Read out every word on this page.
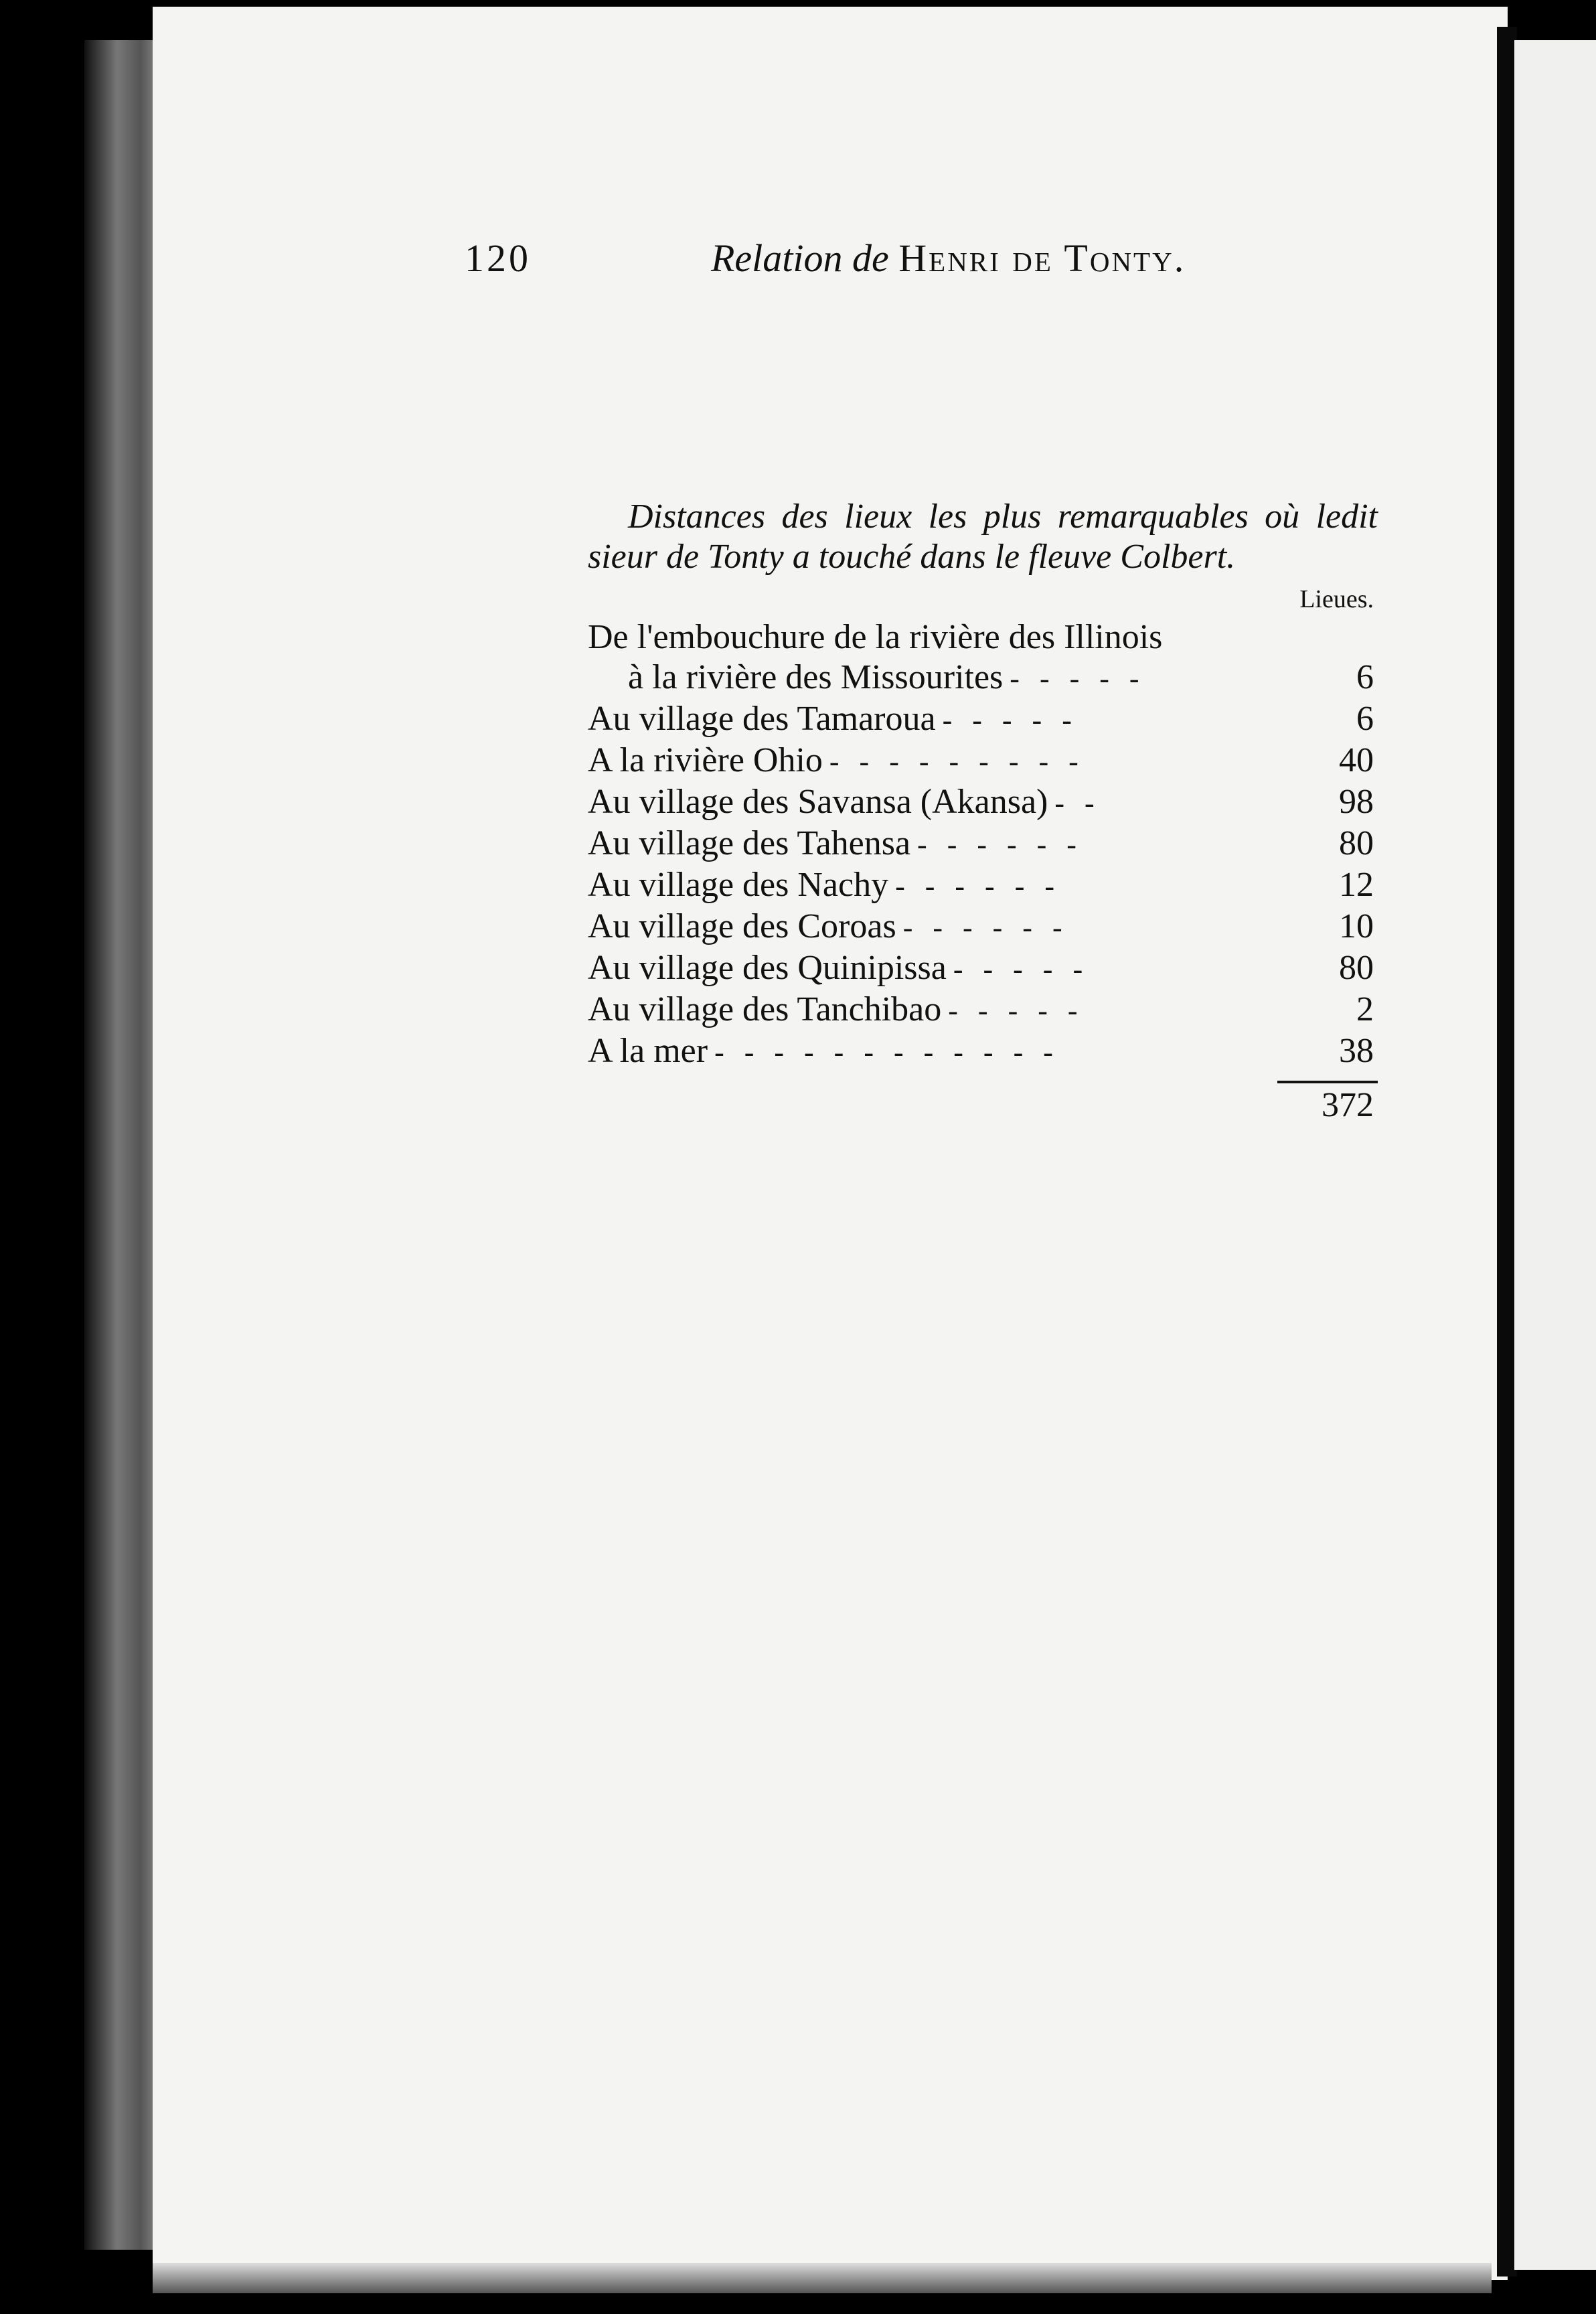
120	Relation de Henri de Tonty.

Distances des lieux les plus remarquables où ledit sieur de Tonty a touché dans le fleuve Colbert.

Lieues.
De l'embouchure de la rivière des Illinois
à la rivière des Missourites -----	6
Au village des Tamaroua -----	6
A la rivière Ohio ---------	40
Au village des Savansa (Akansa) --	98
Au village des Tahensa ------	80
Au village des Nachy ------	12
Au village des Coroas ------	10
Au village des Quinipissa -----	80
Au village des Tanchibao -----	2
A la mer ------------	38
372
